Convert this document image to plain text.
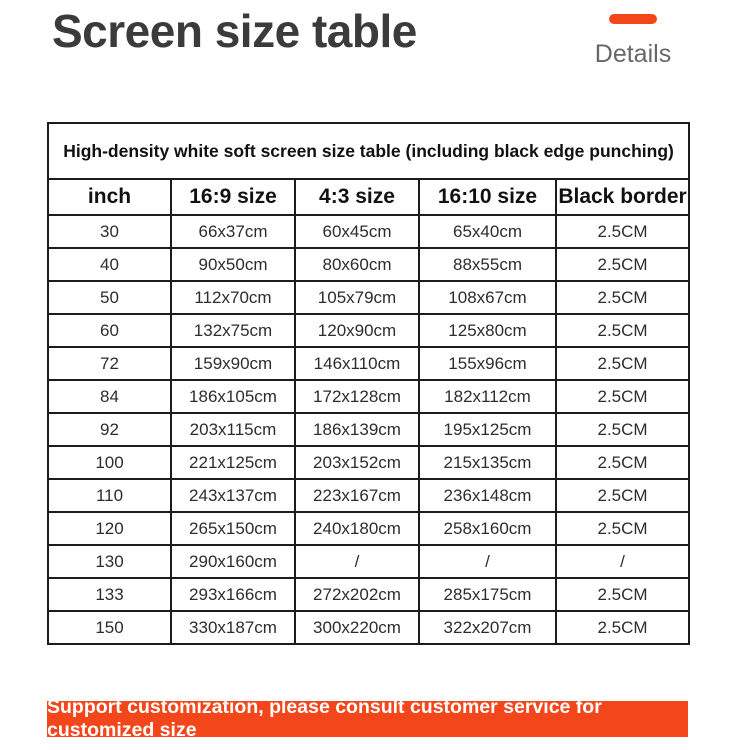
Screen size table	Details
High-density white soft screen size table (including black edge punching)				
inch	16:9 size	4:3 size	16:10 size	Black border
30	66x37cm	60x45cm	65x40cm	2.5CM
40	90x50cm	80x60cm	88x55cm	2.5CM
50	112x70cm	105x79cm	108x67cm	2.5CM
60	132x75cm	120x90cm	125x80cm	2.5CM
72	159x90cm	146x110cm	155x96cm	2.5CM
84	186x105cm	172x128cm	182x112cm	2.5CM
92	203x115cm	186x139cm	195x125cm	2.5CM
100	221x125cm	203x152cm	215x135cm	2.5CM
110	243x137cm	223x167cm	236x148cm	2.5CM
120	265x150cm	240x180cm	258x160cm	2.5CM
130	290x160cm	/	/	/
133	293x166cm	272x202cm	285x175cm	2.5CM
150	330x187cm	300x220cm	322x207cm	2.5CM
Support customization, please consult customer service for customized size
